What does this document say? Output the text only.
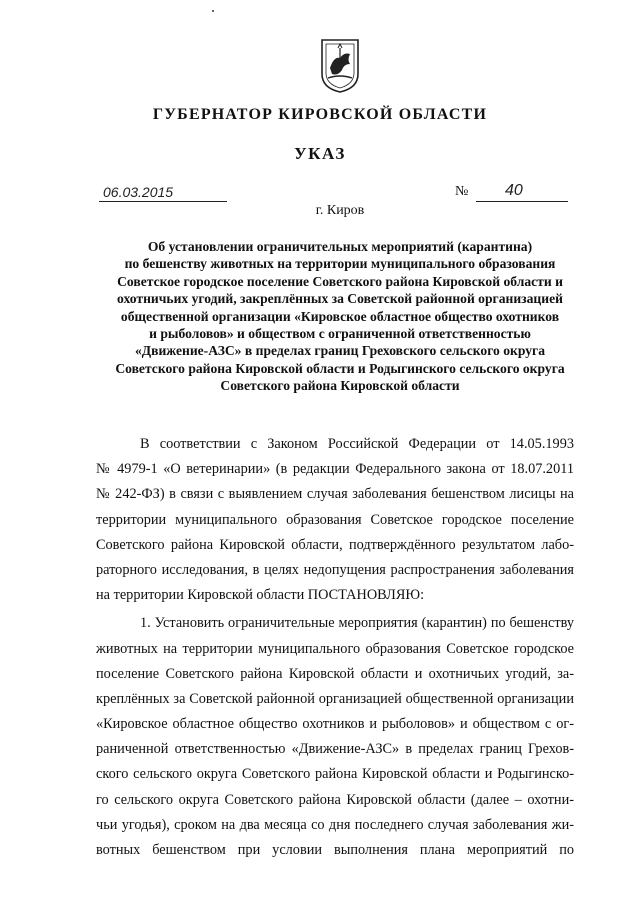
ГУБЕРНАТОР КИРОВСКОЙ ОБЛАСТИ
УКАЗ
06.03.2015	№ 40
г. Киров
Об установлении ограничительных мероприятий (карантина)
по бешенству животных на территории муниципального образования
Советское городское поселение Советского района Кировской области и
охотничьих угодий, закреплённых за Советской районной организацией
общественной организации «Кировское областное общество охотников
и рыболовов» и обществом с ограниченной ответственностью
«Движение-АЗС» в пределах границ Греховского сельского округа
Советского района Кировской области и Родыгинского сельского округа
Советского района Кировской области
В соответствии с Законом Российской Федерации от 14.05.1993
№ 4979-1 «О ветеринарии» (в редакции Федерального закона от 18.07.2011
№ 242-ФЗ) в связи с выявлением случая заболевания бешенством лисицы на
территории муниципального образования Советское городское поселение
Советского района Кировской области, подтверждённого результатом лабо-
раторного исследования, в целях недопущения распространения заболевания
на территории Кировской области ПОСТАНОВЛЯЮ:
1. Установить ограничительные мероприятия (карантин) по бешенству
животных на территории муниципального образования Советское городское
поселение Советского района Кировской области и охотничьих угодий, за-
креплённых за Советской районной организацией общественной организации
«Кировское областное общество охотников и рыболовов» и обществом с ог-
раниченной ответственностью «Движение-АЗС» в пределах границ Грехов-
ского сельского округа Советского района Кировской области и Родыгинско-
го сельского округа Советского района Кировской области (далее – охотни-
чьи угодья), сроком на два месяца со дня последнего случая заболевания жи-
вотных бешенством при условии выполнения плана мероприятий по
